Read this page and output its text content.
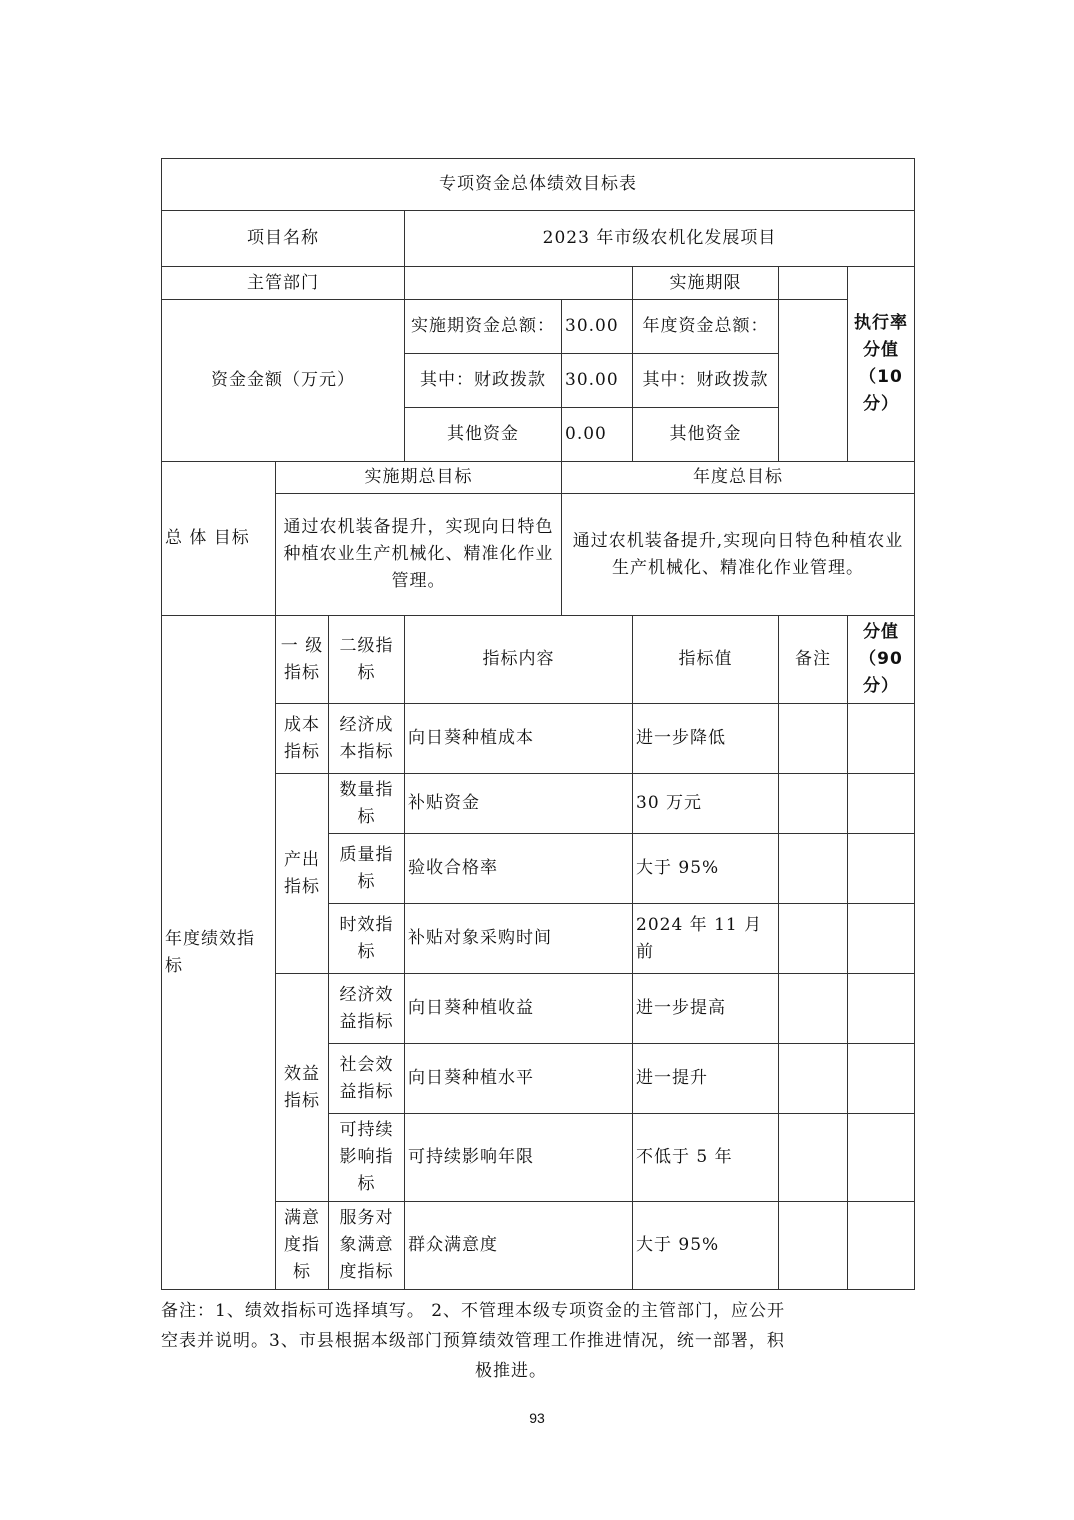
专项资金总体绩效目标表							
项目名称			2023 年市级农机化发展项目				
主管部门					实施期限		执行率分值（10分）
资金金额（万元）			实施期资金总额：	30.00	年度资金总额：		
			其中：财政拨款	30.00	其中：财政拨款		
			其他资金	0.00	其他资金		
总 体 目标	实施期总目标			年度总目标			
	通过农机装备提升，实现向日特色种植农业生产机械化、精准化作业管理。			通过农机装备提升,实现向日特色种植农业生产机械化、精准化作业管理。			
年度绩效指标	一 级指标	二级指标	指标内容		指标值	备注	分值（90分）
	成本指标	经济成本指标	向日葵种植成本		进一步降低		
	产出指标	数量指标	补贴资金		30 万元		
		质量指标	验收合格率		大于 95%		
		时效指标	补贴对象采购时间		2024 年 11 月前		
	效益指标	经济效益指标	向日葵种植收益		进一步提高		
		社会效益指标	向日葵种植水平		进一提升		
		可持续影响指标	可持续影响年限		不低于 5 年		
	满意度指标	服务对象满意度指标	群众满意度		大于 95%		
备注：1、绩效指标可选择填写。 2、不管理本级专项资金的主管部门，应公开
空表并说明。3、市县根据本级部门预算绩效管理工作推进情况，统一部署，积
极推进。
93
